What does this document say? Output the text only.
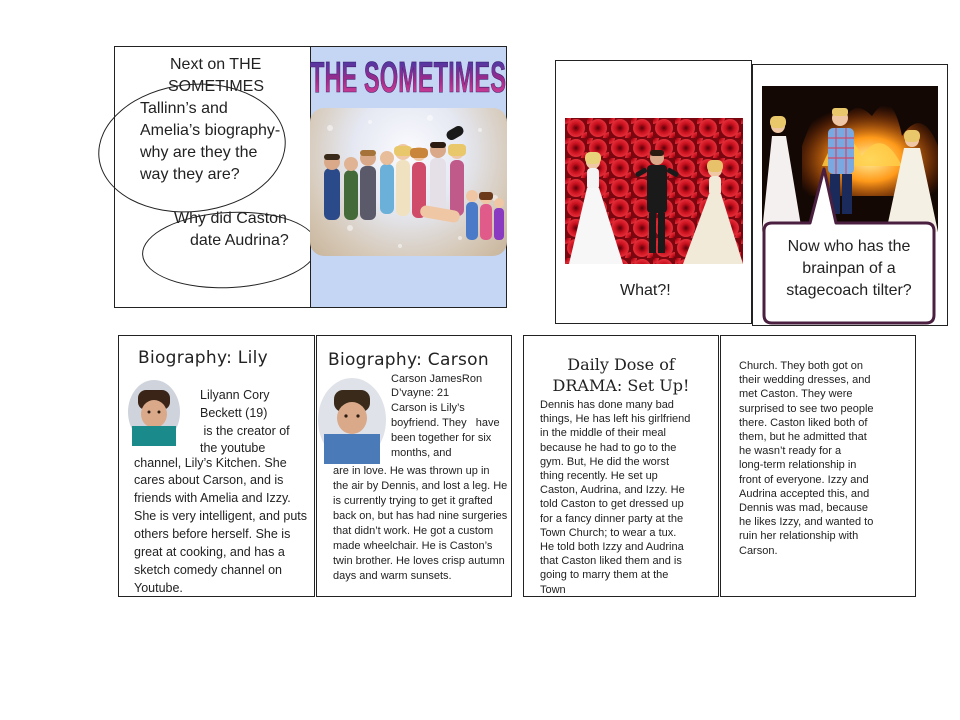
Next on THE
SOMETIMES
Tallinn’s and
Amelia’s biography-
why are they the
way they are?
Why did Caston
date Audrina?
THE SOMETIMES
What?!
Now who has the
brainpan of a
stagecoach tilter?
Biography: Lily
Lilyann Cory
Beckett (19)
is the creator of
the youtube
channel, Lily’s Kitchen. She
cares about Carson, and is
friends with Amelia and Izzy.
She is very intelligent, and puts
others before herself. She is
great at cooking, and has a
sketch comedy channel on
Youtube.
Biography: Carson
Carson JamesRon
D’vayne: 21
Carson is Lily’s
boyfriend. They   have
been together for six
months, and
are in love. He was thrown up in
the air by Dennis, and lost a leg. He
is currently trying to get it grafted
back on, but has had nine surgeries
that didn’t work. He got a custom
made wheelchair. He is Caston’s
twin brother. He loves crisp autumn
days and warm sunsets.
Daily Dose of
DRAMA: Set Up!
Dennis has done many bad
things, He has left his girlfriend
in the middle of their meal
because he had to go to the
gym. But, He did the worst
thing recently. He set up
Caston, Audrina, and Izzy. He
told Caston to get dressed up
for a fancy dinner party at the
Town Church; to wear a tux.
He told both Izzy and Audrina
that Caston liked them and is
going to marry them at the
Town
Church. They both got on
their wedding dresses, and
met Caston. They were
surprised to see two people
there. Caston liked both of
them, but he admitted that
he wasn’t ready for a
long-term relationship in
front of everyone. Izzy and
Audrina accepted this, and
Dennis was mad, because
he likes Izzy, and wanted to
ruin her relationship with
Carson.
